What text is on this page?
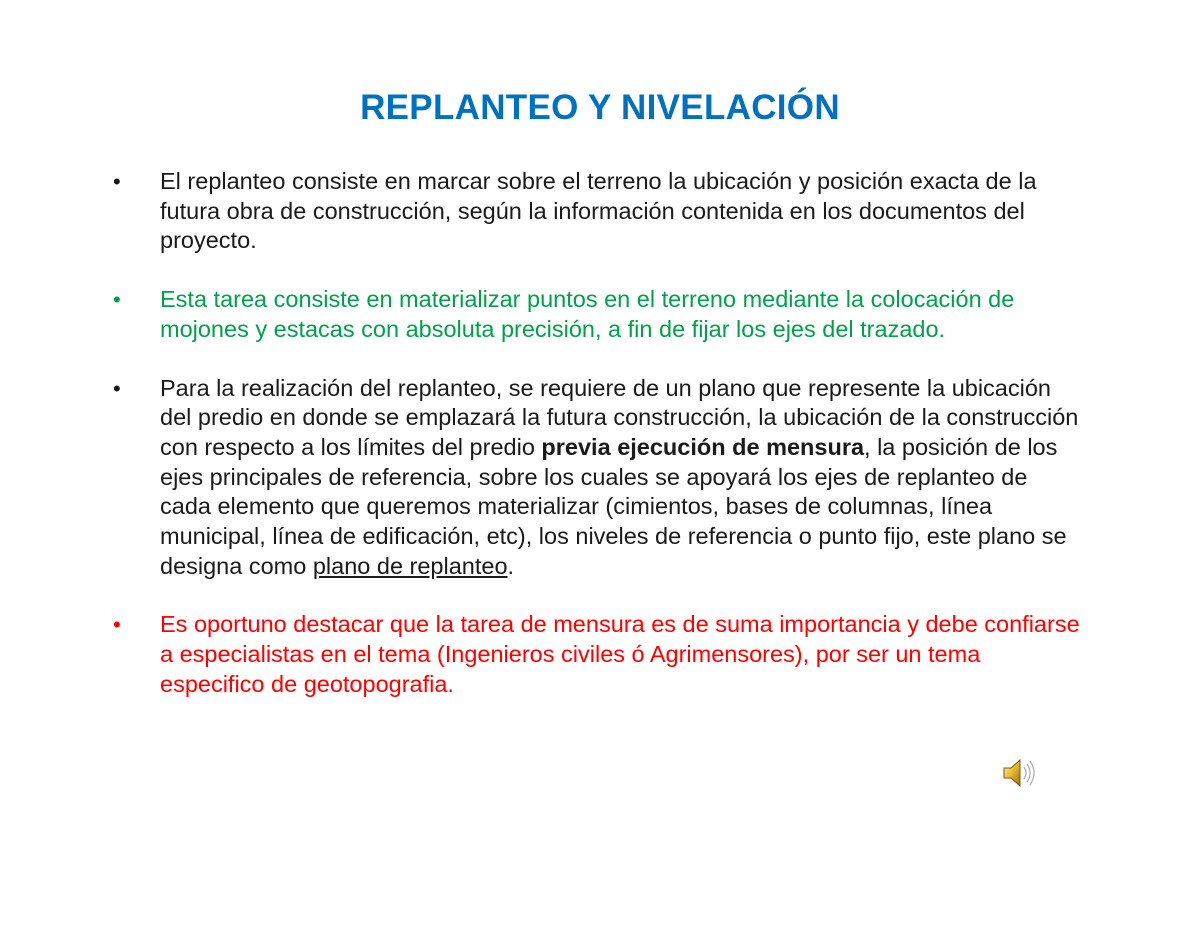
REPLANTEO Y NIVELACIÓN
•	El replanteo consiste en marcar sobre el terreno la ubicación y posición exacta de la futura obra de construcción, según la información contenida en los documentos del proyecto.
•	Esta tarea consiste en materializar puntos en el terreno mediante la colocación de mojones y estacas con absoluta precisión, a fin de fijar los ejes del trazado.
•	Para la realización del replanteo, se requiere de un plano que represente la ubicación del predio en donde se emplazará la futura construcción, la ubicación de la construcción con respecto a los límites del predio previa ejecución de mensura, la posición de los ejes principales de referencia, sobre los cuales se apoyará los ejes de replanteo de cada elemento que queremos materializar (cimientos, bases de columnas, línea municipal, línea de edificación, etc), los niveles de referencia o punto fijo, este plano se designa como plano de replanteo.
•	Es oportuno destacar que la tarea de mensura es de suma importancia y debe confiarse a especialistas en el tema (Ingenieros civiles ó Agrimensores), por ser un tema especifico de geotopografia.
